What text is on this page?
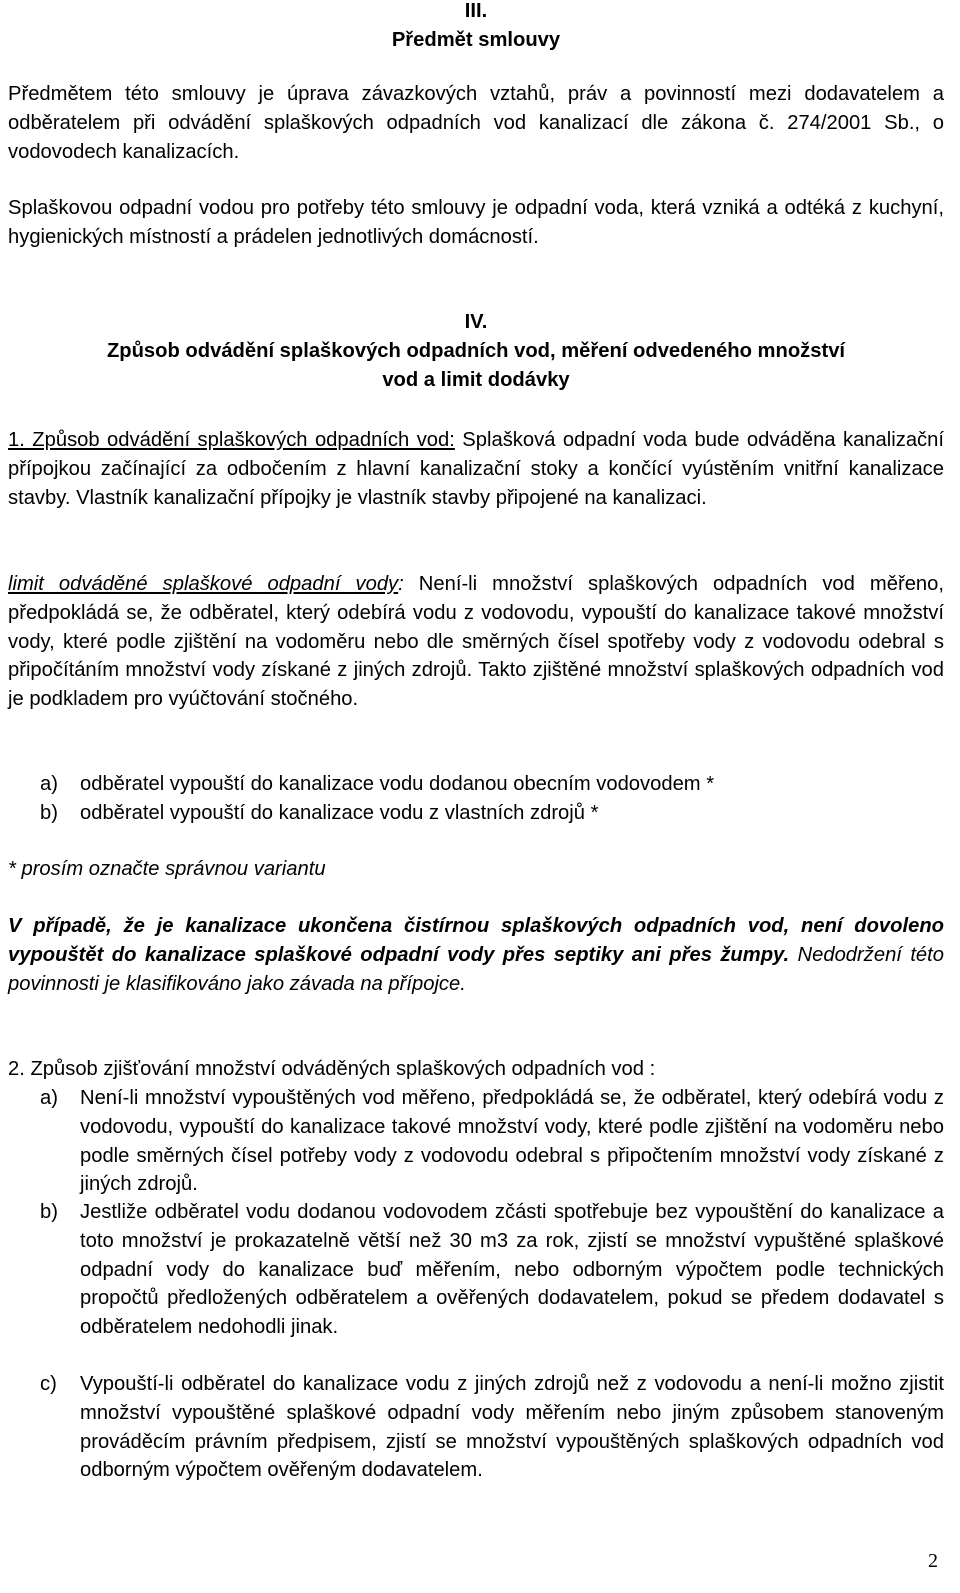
III.
Předmět smlouvy

Předmětem této smlouvy je úprava závazkových vztahů, práv a povinností mezi dodavatelem a odběratelem při odvádění splaškových odpadních vod kanalizací dle zákona č. 274/2001 Sb., o vodovodech kanalizacích.

Splaškovou odpadní vodou pro potřeby této smlouvy je odpadní voda, která vzniká a odtéká z kuchyní, hygienických místností a prádelen jednotlivých domácností.

IV.
Způsob odvádění splaškových odpadních vod, měření odvedeného množství
vod a limit dodávky

1. Způsob odvádění splaškových odpadních vod: Splašková odpadní voda bude odváděna kanalizační přípojkou začínající za odbočením z hlavní kanalizační stoky a končící vyústěním vnitřní kanalizace stavby. Vlastník kanalizační přípojky je vlastník stavby připojené na kanalizaci.

limit odváděné splaškové odpadní vody: Není-li množství splaškových odpadních vod měřeno, předpokládá se, že odběratel, který odebírá vodu z vodovodu, vypouští do kanalizace takové množství vody, které podle zjištění na vodoměru nebo dle směrných čísel spotřeby vody z vodovodu odebral s připočítáním množství vody získané z jiných zdrojů. Takto zjištěné množství splaškových odpadních vod je podkladem pro vyúčtování stočného.

a) odběratel vypouští do kanalizace vodu dodanou obecním vodovodem *
b) odběratel vypouští do kanalizace vodu z vlastních zdrojů *
* prosím označte správnou variantu

V případě, že je kanalizace ukončena čistírnou splaškových odpadních vod, není dovoleno vypouštět do kanalizace splaškové odpadní vody přes septiky ani přes žumpy. Nedodržení této povinnosti je klasifikováno jako závada na přípojce.

2. Způsob zjišťování množství odváděných splaškových odpadních vod :
a) Není-li množství vypouštěných vod měřeno, předpokládá se, že odběratel, který odebírá vodu z vodovodu, vypouští do kanalizace takové množství vody, které podle zjištění na vodoměru nebo podle směrných čísel potřeby vody z vodovodu odebral s připočtením množství vody získané z jiných zdrojů.
b) Jestliže odběratel vodu dodanou vodovodem zčásti spotřebuje bez vypouštění do kanalizace a toto množství je prokazatelně větší než 30 m3 za rok, zjistí se množství vypuštěné splaškové odpadní vody do kanalizace buď měřením, nebo odborným výpočtem podle technických propočtů předložených odběratelem a ověřených dodavatelem, pokud se předem dodavatel s odběratelem nedohodli jinak.
c) Vypouští-li odběratel do kanalizace vodu z jiných zdrojů než z vodovodu a není-li možno zjistit množství vypouštěné splaškové odpadní vody měřením nebo jiným způsobem stanoveným prováděcím právním předpisem, zjistí se množství vypouštěných splaškových odpadních vod odborným výpočtem ověřeným dodavatelem.
2
